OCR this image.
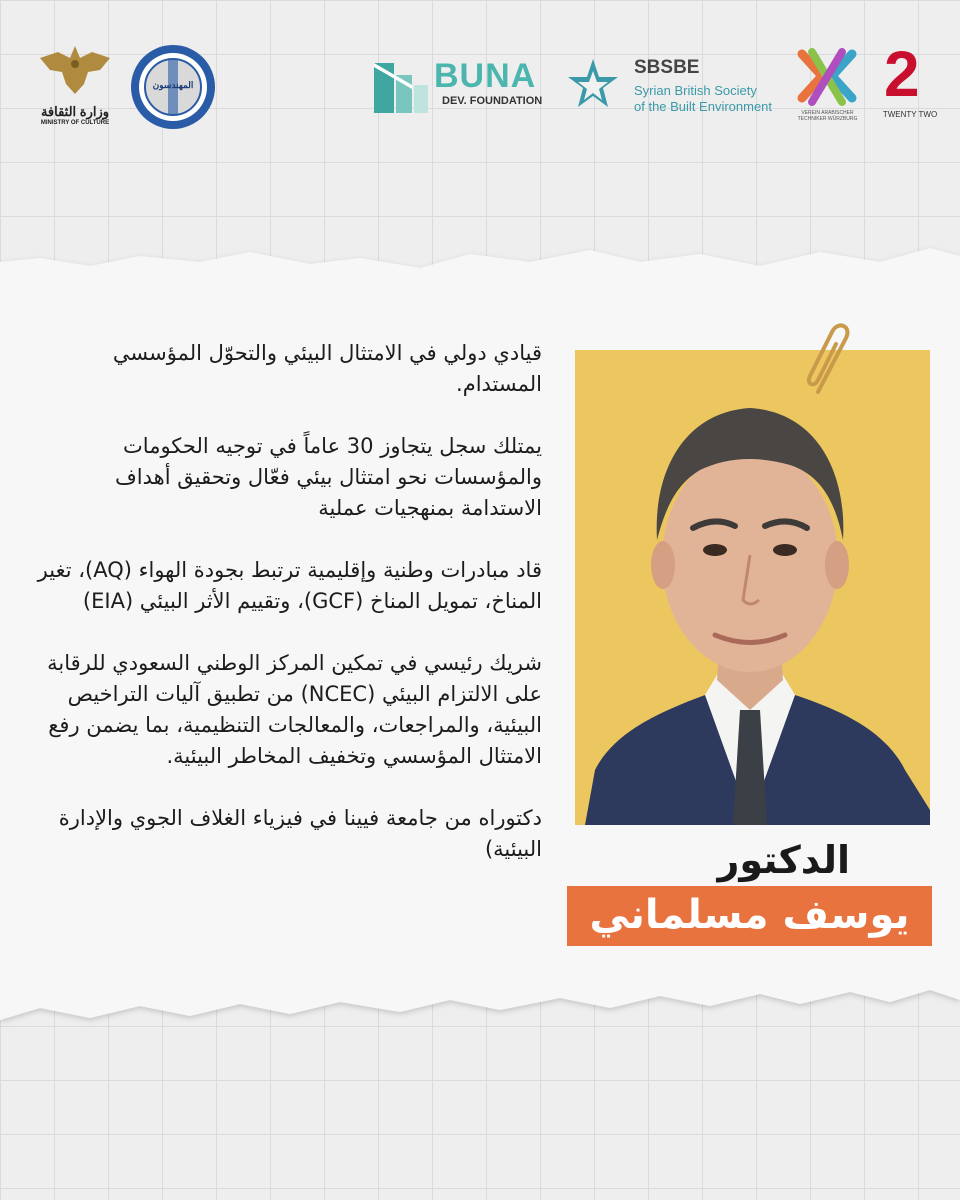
وزارة الثقافة
MINISTRY OF CULTURE
المهندسون	BUNA
DEV. FOUNDATION
SBSBE
Syrian British Society
of the Built Environment	VEREIN ARABISCHER
TECHNIKER WÜRZBURG
2
TWENTY TWO
الدكتور
يوسف مسلماني

قيادي دولي في الامتثال البيئي والتحوّل المؤسسي المستدام.

يمتلك سجل يتجاوز 30 عاماً في توجيه الحكومات والمؤسسات نحو امتثال بيئي فعّال وتحقيق أهداف الاستدامة بمنهجيات عملية

قاد مبادرات وطنية وإقليمية ترتبط بجودة الهواء (AQ)، تغير المناخ، تمويل المناخ (GCF)، وتقييم الأثر البيئي (EIA)

شريك رئيسي في تمكين المركز الوطني السعودي للرقابة على الالتزام البيئي (NCEC) من تطبيق آليات التراخيص البيئية، والمراجعات، والمعالجات التنظيمية، بما يضمن رفع الامتثال المؤسسي وتخفيف المخاطر البيئية.

دكتوراه من جامعة فيينا في فيزياء الغلاف الجوي والإدارة البيئية)
